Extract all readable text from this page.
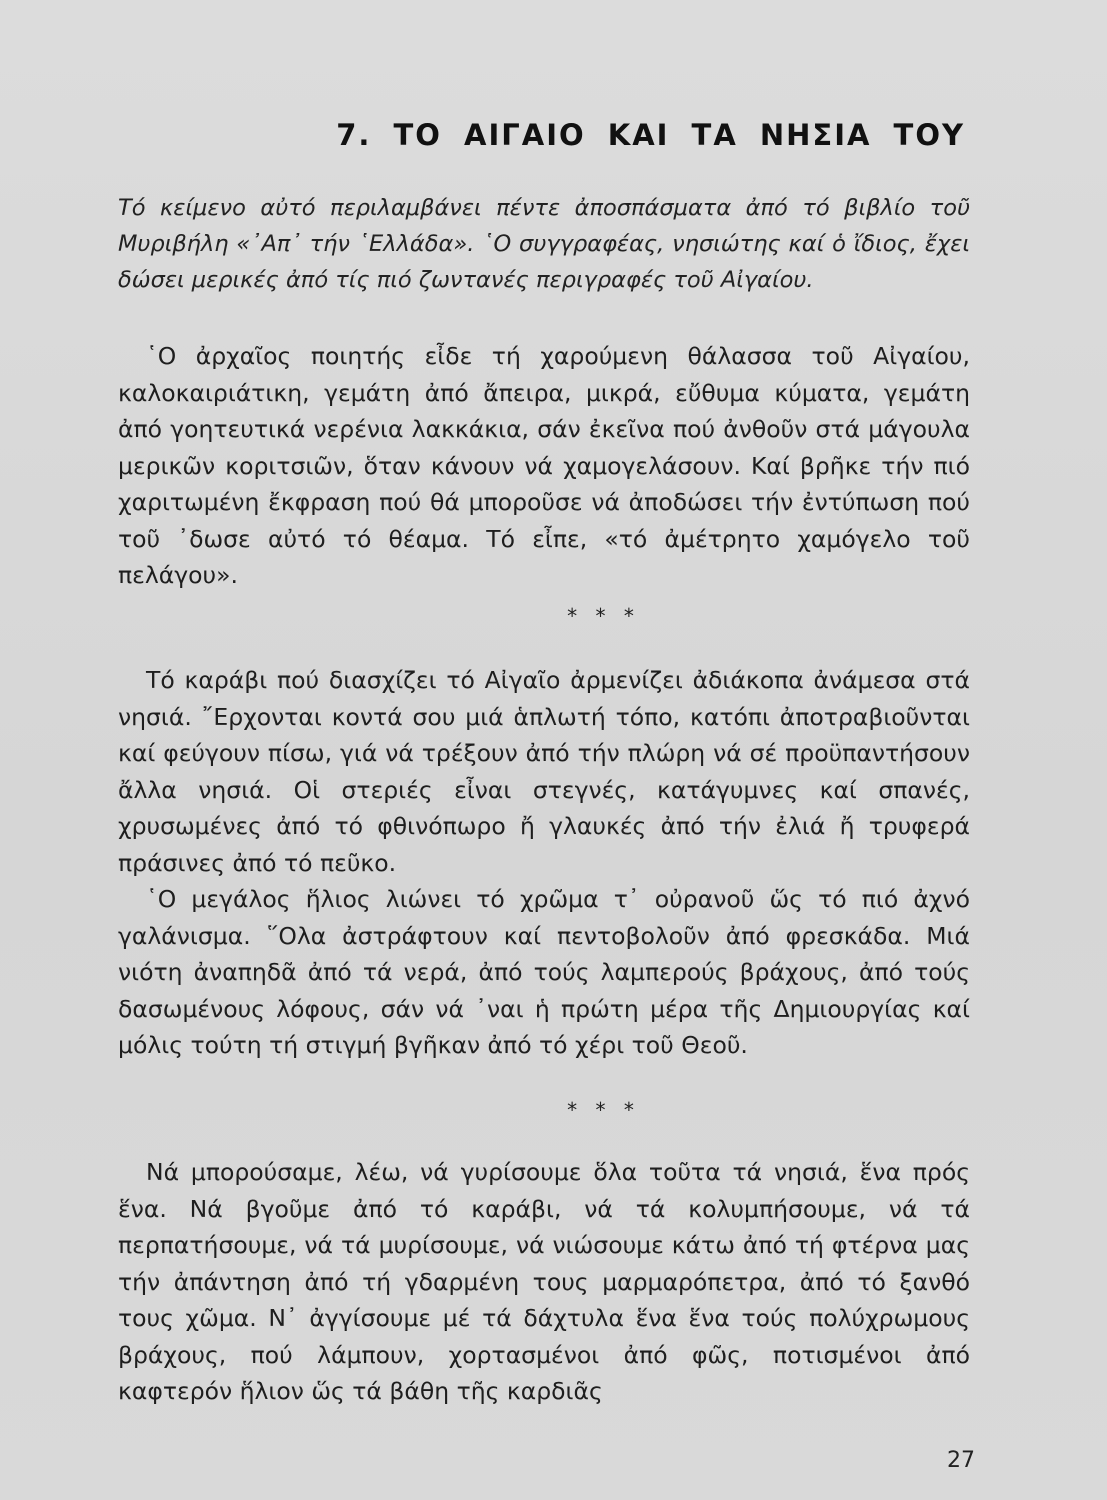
7. ΤΟ ΑΙΓΑΙΟ ΚΑΙ ΤΑ ΝΗΣΙΑ ΤΟΥ
Τό κείμενο αὐτό περιλαμβάνει πέντε ἀποσπάσματα ἀπό τό βιβλίο τοῦ Μυριβήλη «᾽Απ᾽ τήν ῾Ελλάδα». ῾Ο συγγραφέας, νησιώτης καί ὁ ἴδιος, ἔχει δώσει μερικές ἀπό τίς πιό ζωντανές περιγραφές τοῦ Αἰγαίου.

῾Ο ἀρχαῖος ποιητής εἶδε τή χαρούμενη θάλασσα τοῦ Αἰγαίου, καλοκαιριάτικη, γεμάτη ἀπό ἄπειρα, μικρά, εὔθυμα κύματα, γεμάτη ἀπό γοητευτικά νερένια λακκάκια, σάν ἐκεῖνα πού ἀνθοῦν στά μάγουλα μερικῶν κοριτσιῶν, ὅταν κάνουν νά χαμογελάσουν. Καί βρῆκε τήν πιό χαριτωμένη ἔκφραση πού θά μποροῦσε νά ἀποδώσει τήν ἐντύπωση πού τοῦ ᾽δωσε αὐτό τό θέαμα. Τό εἶπε, «τό ἀμέτρητο χαμόγελο τοῦ πελάγου».

* * *

Τό καράβι πού διασχίζει τό Αἰγαῖο ἀρμενίζει ἀδιάκοπα ἀνάμεσα στά νησιά. ῎Ερχονται κοντά σου μιά ἁπλωτή τόπο, κατόπι ἀποτραβιοῦνται καί φεύγουν πίσω, γιά νά τρέξουν ἀπό τήν πλώρη νά σέ προϋπαντήσουν ἄλλα νησιά. Οἱ στεριές εἶναι στεγνές, κατάγυμνες καί σπανές, χρυσωμένες ἀπό τό φθινόπωρο ἤ γλαυκές ἀπό τήν ἐλιά ἤ τρυφερά πράσινες ἀπό τό πεῦκο.

῾Ο μεγάλος ἥλιος λιώνει τό χρῶμα τ᾽ οὐρανοῦ ὥς τό πιό ἀχνό γαλάνισμα. ῞Ολα ἀστράφτουν καί πεντοβολοῦν ἀπό φρεσκάδα. Μιά νιότη ἀναπηδᾶ ἀπό τά νερά, ἀπό τούς λαμπερούς βράχους, ἀπό τούς δασωμένους λόφους, σάν νά ᾽ναι ἡ πρώτη μέρα τῆς Δημιουργίας καί μόλις τούτη τή στιγμή βγῆκαν ἀπό τό χέρι τοῦ Θεοῦ.

* * *

Νά μπορούσαμε, λέω, νά γυρίσουμε ὅλα τοῦτα τά νησιά, ἕνα πρός ἕνα. Νά βγοῦμε ἀπό τό καράβι, νά τά κολυμπήσουμε, νά τά περπατήσουμε, νά τά μυρίσουμε, νά νιώσουμε κάτω ἀπό τή φτέρνα μας τήν ἀπάντηση ἀπό τή γδαρμένη τους μαρμαρόπετρα, ἀπό τό ξανθό τους χῶμα. Ν᾽ ἀγγίσουμε μέ τά δάχτυλα ἕνα ἕνα τούς πολύχρωμους βράχους, πού λάμπουν, χορτασμένοι ἀπό φῶς, ποτισμένοι ἀπό καφτερόν ἥλιον ὥς τά βάθη τῆς καρδιᾶς

27
